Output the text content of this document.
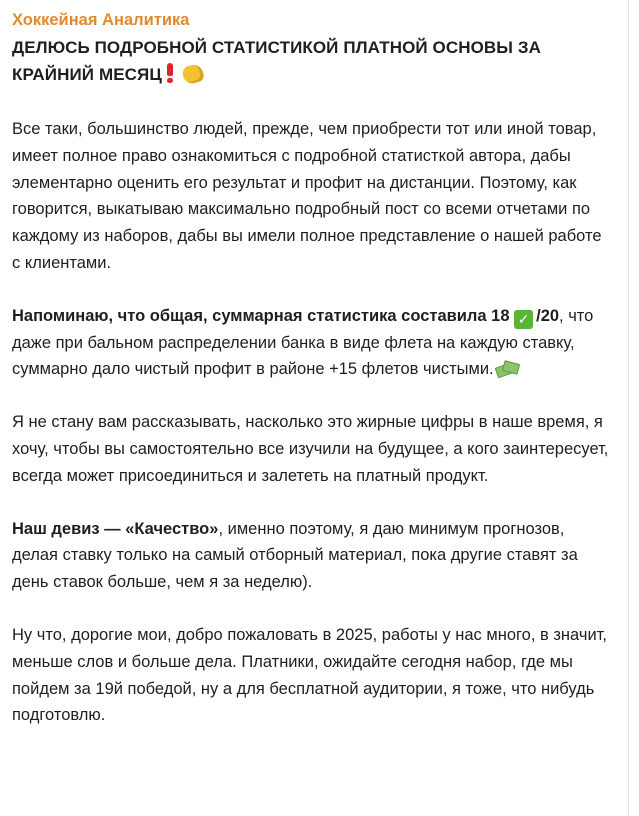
Хоккейная Аналитика
ДЕЛЮСЬ ПОДРОБНОЙ СТАТИСТИКОЙ ПЛАТНОЙ ОСНОВЫ ЗА КРАЙНИЙ МЕСЯЦ

Все таки, большинство людей, прежде, чем приобрести тот или иной товар, имеет полное право ознакомиться с подробной статисткой автора, дабы элементарно оценить его результат и профит на дистанции. Поэтому, как говорится, выкатываю максимально подробный пост со всеми отчетами по каждому из наборов, дабы вы имели полное представление о нашей работе с клиентами.

Напоминаю, что общая, суммарная статистика составила 18 ✓ /20, что даже при бальном распределении банка в виде флета на каждую ставку, суммарно дало чистый профит в районе +15 флетов чистыми.

Я не стану вам рассказывать, насколько это жирные цифры в наше время, я хочу, чтобы вы самостоятельно все изучили на будущее, а кого заинтересует, всегда может присоединиться и залететь на платный продукт.

Наш девиз — «Качество», именно поэтому, я даю минимум прогнозов, делая ставку только на самый отборный материал, пока другие ставят за день ставок больше, чем я за неделю).

Ну что, дорогие мои, добро пожаловать в 2025, работы у нас много, в значит, меньше слов и больше дела. Платники, ожидайте сегодня набор, где мы пойдем за 19й победой, ну а для бесплатной аудитории, я тоже, что нибудь подготовлю.
